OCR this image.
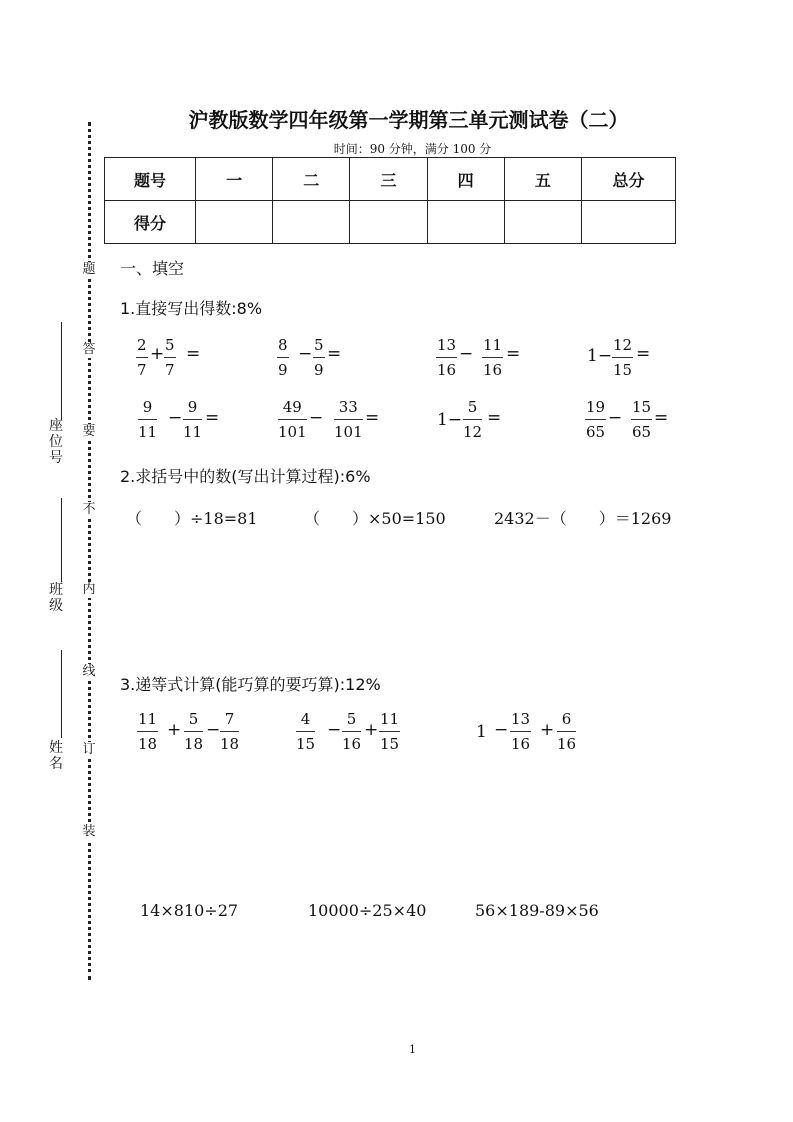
题
答
要
不
内
线
订
装
座位号
班级
姓名
沪教版数学四年级第一学期第三单元测试卷（二）
时间：90 分钟，满分 100 分
题号	一	二	三	四	五	总分
得分						
一、填空
1.直接写出得数:8%
$\frac{2}{7} + \frac{5}{7}$ =	$\frac{8}{9} - \frac{5}{9}$ =	$\frac{13}{16} - \frac{11}{16}$ =	$1- \frac{12}{15}$ =
$\frac{9}{11} - \frac{9}{11}$ =	$\frac{49}{101} - \frac{33}{101}$ =	$1- \frac{5}{12}$ =	$\frac{19}{65} - \frac{15}{65}$ =
2.求括号中的数(写出计算过程):6%
（　　）÷18=81	（　　）×50=150	2432－（　　）＝1269
3.递等式计算(能巧算的要巧算):12%
$\frac{11}{18} + \frac{5}{18} - \frac{7}{18}$	$\frac{4}{15} - \frac{5}{16} + \frac{11}{15}$	$1 - \frac{13}{16} + \frac{6}{16}$
14×810÷27	10000÷25×40	56×189-89×56
1
